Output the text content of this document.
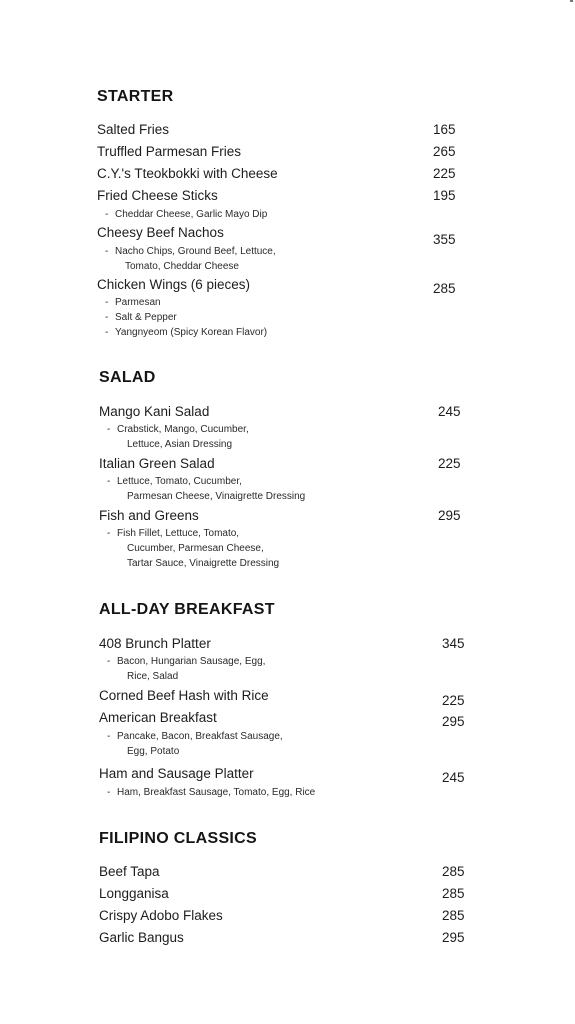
STARTER
Salted Fries	165
Truffled Parmesan Fries	265
C.Y.'s Tteokbokki with Cheese	225
Fried Cheese Sticks	195
- Cheddar Cheese, Garlic Mayo Dip
Cheesy Beef Nachos	355
- Nacho Chips, Ground Beef, Lettuce,
Tomato, Cheddar Cheese
Chicken Wings (6 pieces)	285
- Parmesan
- Salt & Pepper
- Yangnyeom (Spicy Korean Flavor)
SALAD
Mango Kani Salad	245
- Crabstick, Mango, Cucumber,
Lettuce, Asian Dressing
Italian Green Salad	225
- Lettuce, Tomato, Cucumber,
Parmesan Cheese, Vinaigrette Dressing
Fish and Greens	295
- Fish Fillet, Lettuce, Tomato,
Cucumber, Parmesan Cheese,
Tartar Sauce, Vinaigrette Dressing
ALL-DAY BREAKFAST
408 Brunch Platter	345
- Bacon, Hungarian Sausage, Egg,
Rice, Salad
Corned Beef Hash with Rice	225
American Breakfast	295
- Pancake, Bacon, Breakfast Sausage,
Egg, Potato
Ham and Sausage Platter	245
- Ham, Breakfast Sausage, Tomato, Egg, Rice
FILIPINO CLASSICS
Beef Tapa	285
Longganisa	285
Crispy Adobo Flakes	285
Garlic Bangus	295
